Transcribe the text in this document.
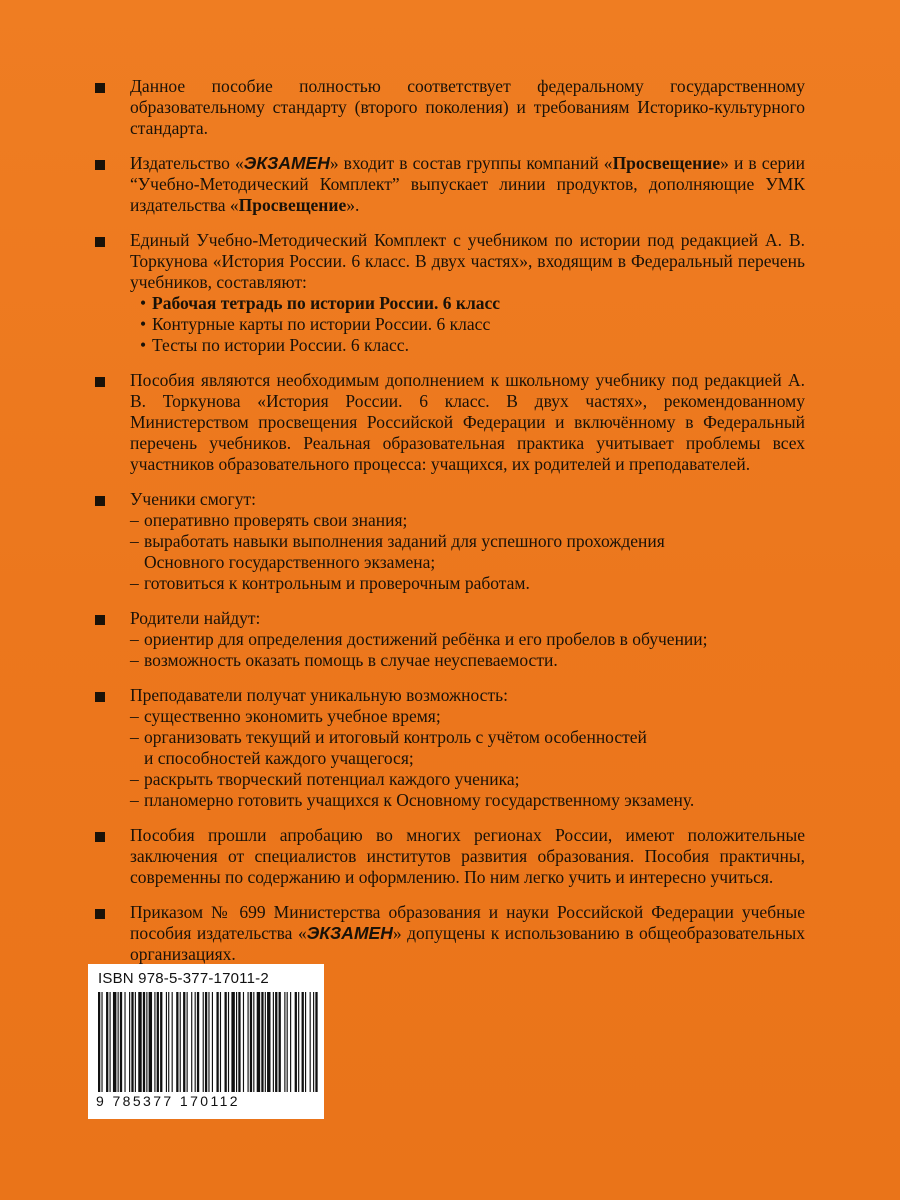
Данное пособие полностью соответствует федеральному государственному образовательному стандарту (второго поколения) и требованиям Историко-культурного стандарта.
Издательство «ЭКЗАМЕН» входит в состав группы компаний «Просвещение» и в серии “Учебно-Методический Комплект” выпускает линии продуктов, дополняющие УМК издательства «Просвещение».
Единый Учебно-Методический Комплект с учебником по истории под редакцией А. В. Торкунова «История России. 6 класс. В двух частях», входящим в Федеральный перечень учебников, составляют:
• Рабочая тетрадь по истории России. 6 класс
• Контурные карты по истории России. 6 класс
• Тесты по истории России. 6 класс.
Пособия являются необходимым дополнением к школьному учебнику под редакцией А. В. Торкунова «История России. 6 класс. В двух частях», рекомендованному Министерством просвещения Российской Федерации и включённому в Федеральный перечень учебников. Реальная образовательная практика учитывает проблемы всех участников образовательного процесса: учащихся, их родителей и преподавателей.
Ученики смогут:
– оперативно проверять свои знания;
– выработать навыки выполнения заданий для успешного прохождения
Основного государственного экзамена;
– готовиться к контрольным и проверочным работам.
Родители найдут:
– ориентир для определения достижений ребёнка и его пробелов в обучении;
– возможность оказать помощь в случае неуспеваемости.
Преподаватели получат уникальную возможность:
– существенно экономить учебное время;
– организовать текущий и итоговый контроль с учётом особенностей
и способностей каждого учащегося;
– раскрыть творческий потенциал каждого ученика;
– планомерно готовить учащихся к Основному государственному экзамену.
Пособия прошли апробацию во многих регионах России, имеют положительные заключения от специалистов институтов развития образования. Пособия практичны, современны по содержанию и оформлению. По ним легко учить и интересно учиться.
Приказом № 699 Министерства образования и науки Российской Федерации учебные пособия издательства «ЭКЗАМЕН» допущены к использованию в общеобразовательных организациях.
ISBN 978-5-377-17011-2
9 785377 170112
